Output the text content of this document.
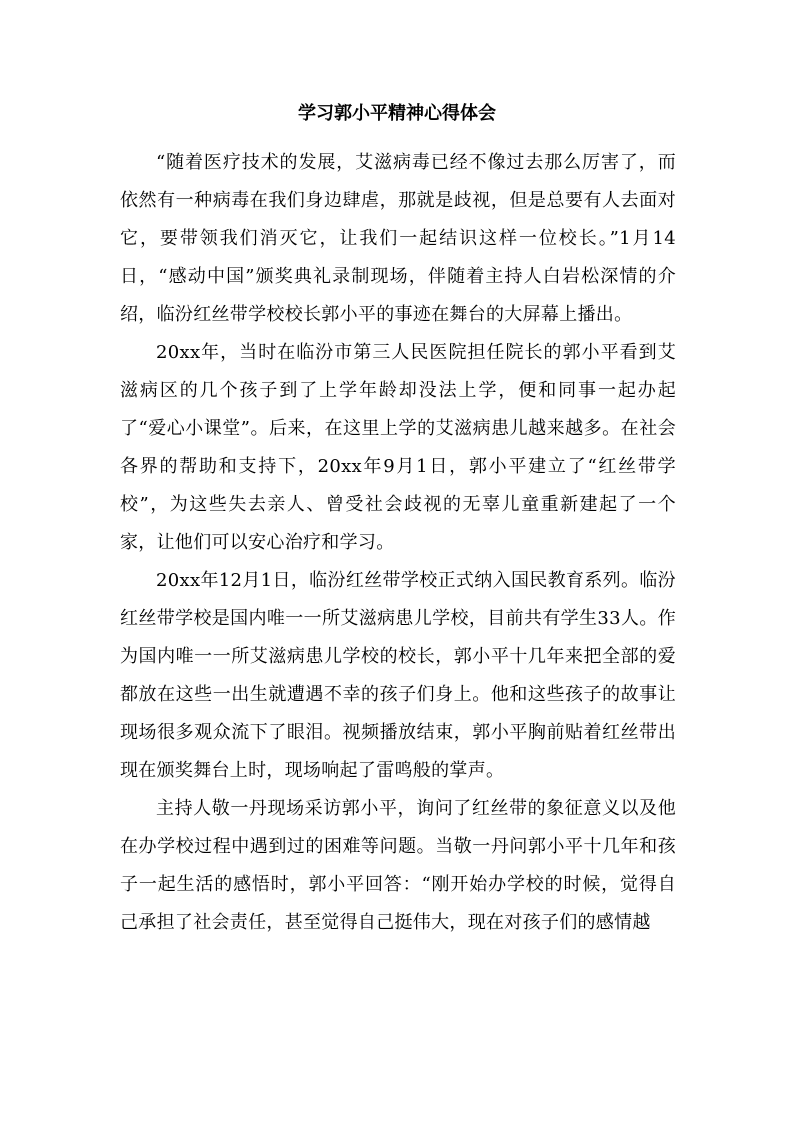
学习郭小平精神心得体会

“随着医疗技术的发展，艾滋病毒已经不像过去那么厉害了，而依然有一种病毒在我们身边肆虐，那就是歧视，但是总要有人去面对它，要带领我们消灭它，让我们一起结识这样一位校长。”1月14日，“感动中国”颁奖典礼录制现场，伴随着主持人白岩松深情的介绍，临汾红丝带学校校长郭小平的事迹在舞台的大屏幕上播出。

20xx年，当时在临汾市第三人民医院担任院长的郭小平看到艾滋病区的几个孩子到了上学年龄却没法上学，便和同事一起办起了“爱心小课堂”。后来，在这里上学的艾滋病患儿越来越多。在社会各界的帮助和支持下，20xx年9月1日，郭小平建立了“红丝带学校”，为这些失去亲人、曾受社会歧视的无辜儿童重新建起了一个家，让他们可以安心治疗和学习。

20xx年12月1日，临汾红丝带学校正式纳入国民教育系列。临汾红丝带学校是国内唯一一所艾滋病患儿学校，目前共有学生33人。作为国内唯一一所艾滋病患儿学校的校长，郭小平十几年来把全部的爱都放在这些一出生就遭遇不幸的孩子们身上。他和这些孩子的故事让现场很多观众流下了眼泪。视频播放结束，郭小平胸前贴着红丝带出现在颁奖舞台上时，现场响起了雷鸣般的掌声。

主持人敬一丹现场采访郭小平，询问了红丝带的象征意义以及他在办学校过程中遇到过的困难等问题。当敬一丹问郭小平十几年和孩子一起生活的感悟时，郭小平回答：“刚开始办学校的时候，觉得自己承担了社会责任，甚至觉得自己挺伟大，现在对孩子们的感情越
